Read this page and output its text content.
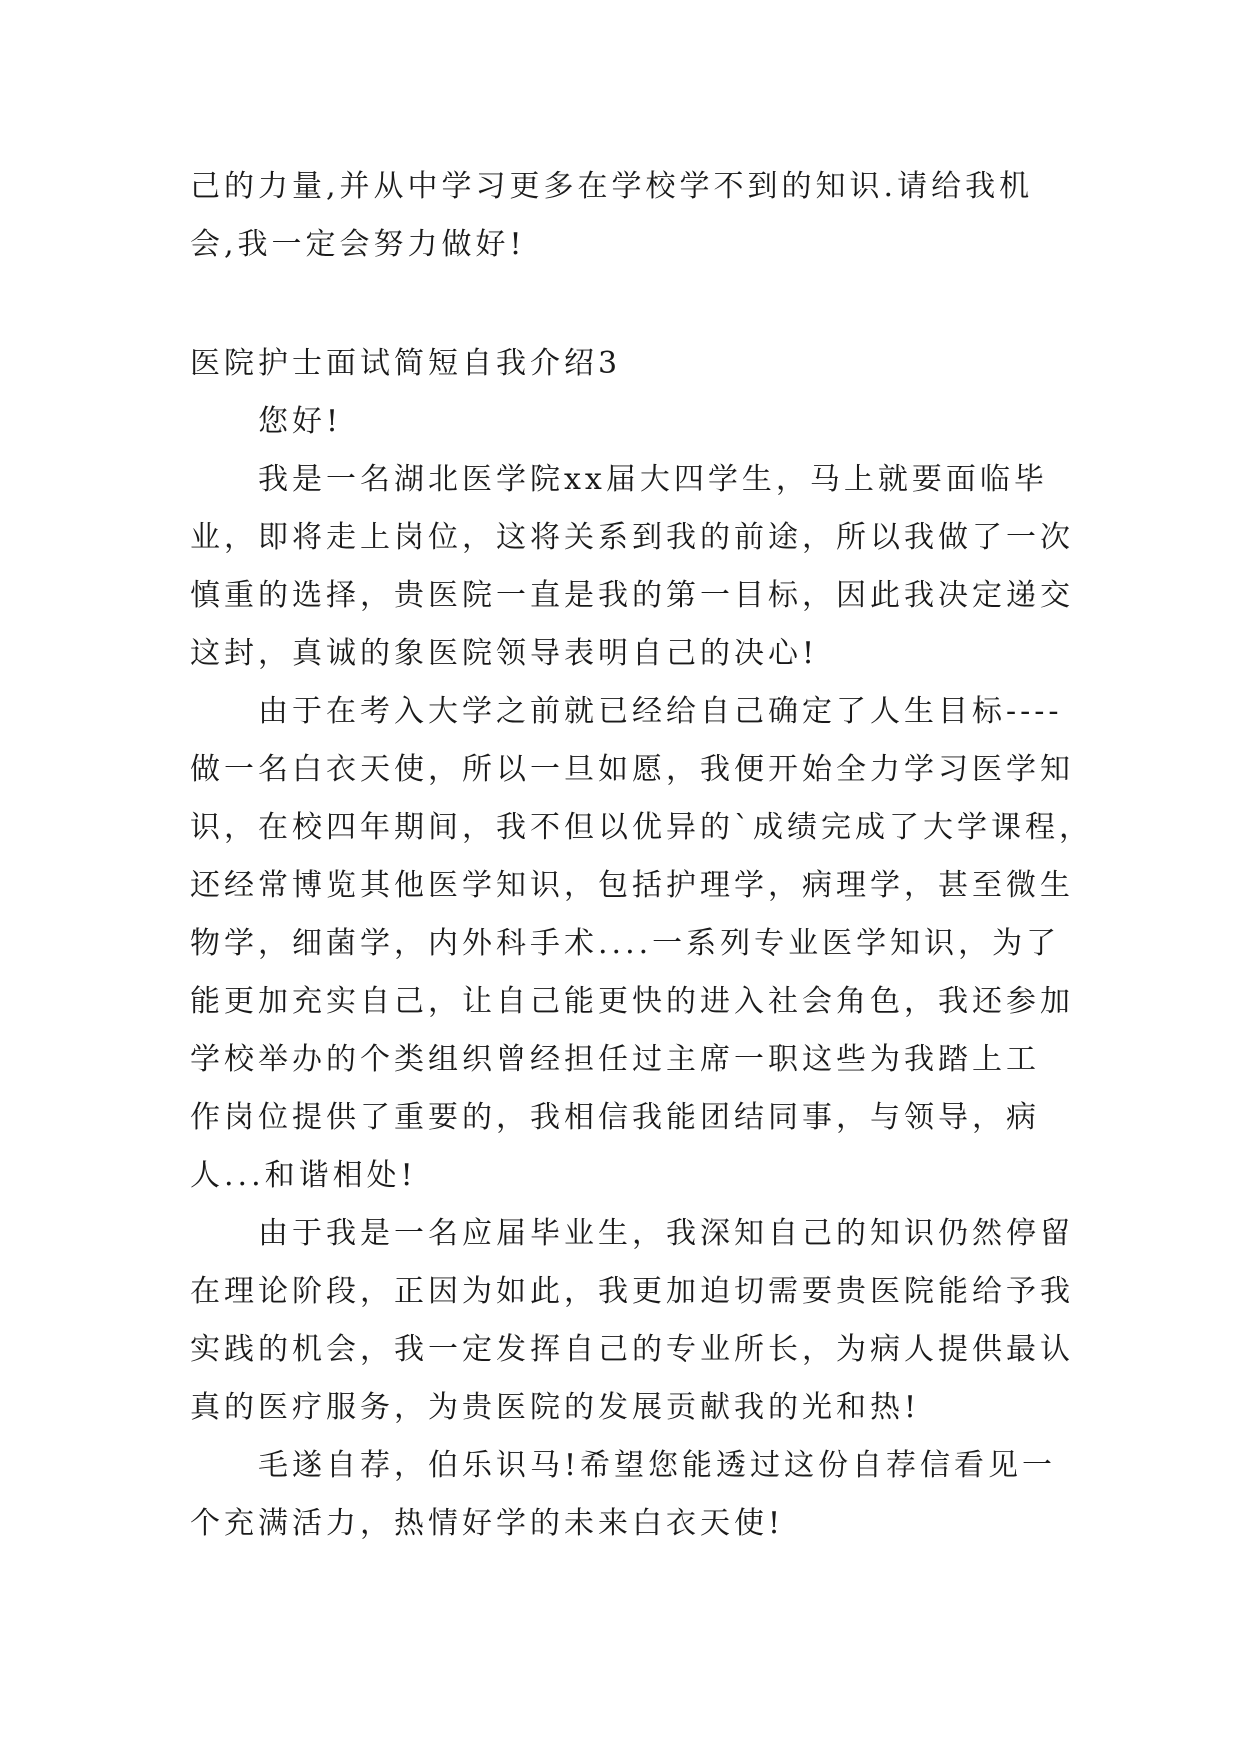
己的力量,并从中学习更多在学校学不到的知识.请给我机
会,我一定会努力做好!
医院护士面试简短自我介绍3
您好!
我是一名湖北医学院xx届大四学生，马上就要面临毕
业，即将走上岗位，这将关系到我的前途，所以我做了一次
慎重的选择，贵医院一直是我的第一目标，因此我决定递交
这封，真诚的象医院领导表明自己的决心!
由于在考入大学之前就已经给自己确定了人生目标----
做一名白衣天使，所以一旦如愿，我便开始全力学习医学知
识，在校四年期间，我不但以优异的`成绩完成了大学课程，
还经常博览其他医学知识，包括护理学，病理学，甚至微生
物学，细菌学，内外科手术....一系列专业医学知识，为了
能更加充实自己，让自己能更快的进入社会角色，我还参加
学校举办的个类组织曾经担任过主席一职这些为我踏上工
作岗位提供了重要的，我相信我能团结同事，与领导，病
人...和谐相处!
由于我是一名应届毕业生，我深知自己的知识仍然停留
在理论阶段，正因为如此，我更加迫切需要贵医院能给予我
实践的机会，我一定发挥自己的专业所长，为病人提供最认
真的医疗服务，为贵医院的发展贡献我的光和热!
毛遂自荐，伯乐识马!希望您能透过这份自荐信看见一
个充满活力，热情好学的未来白衣天使!
